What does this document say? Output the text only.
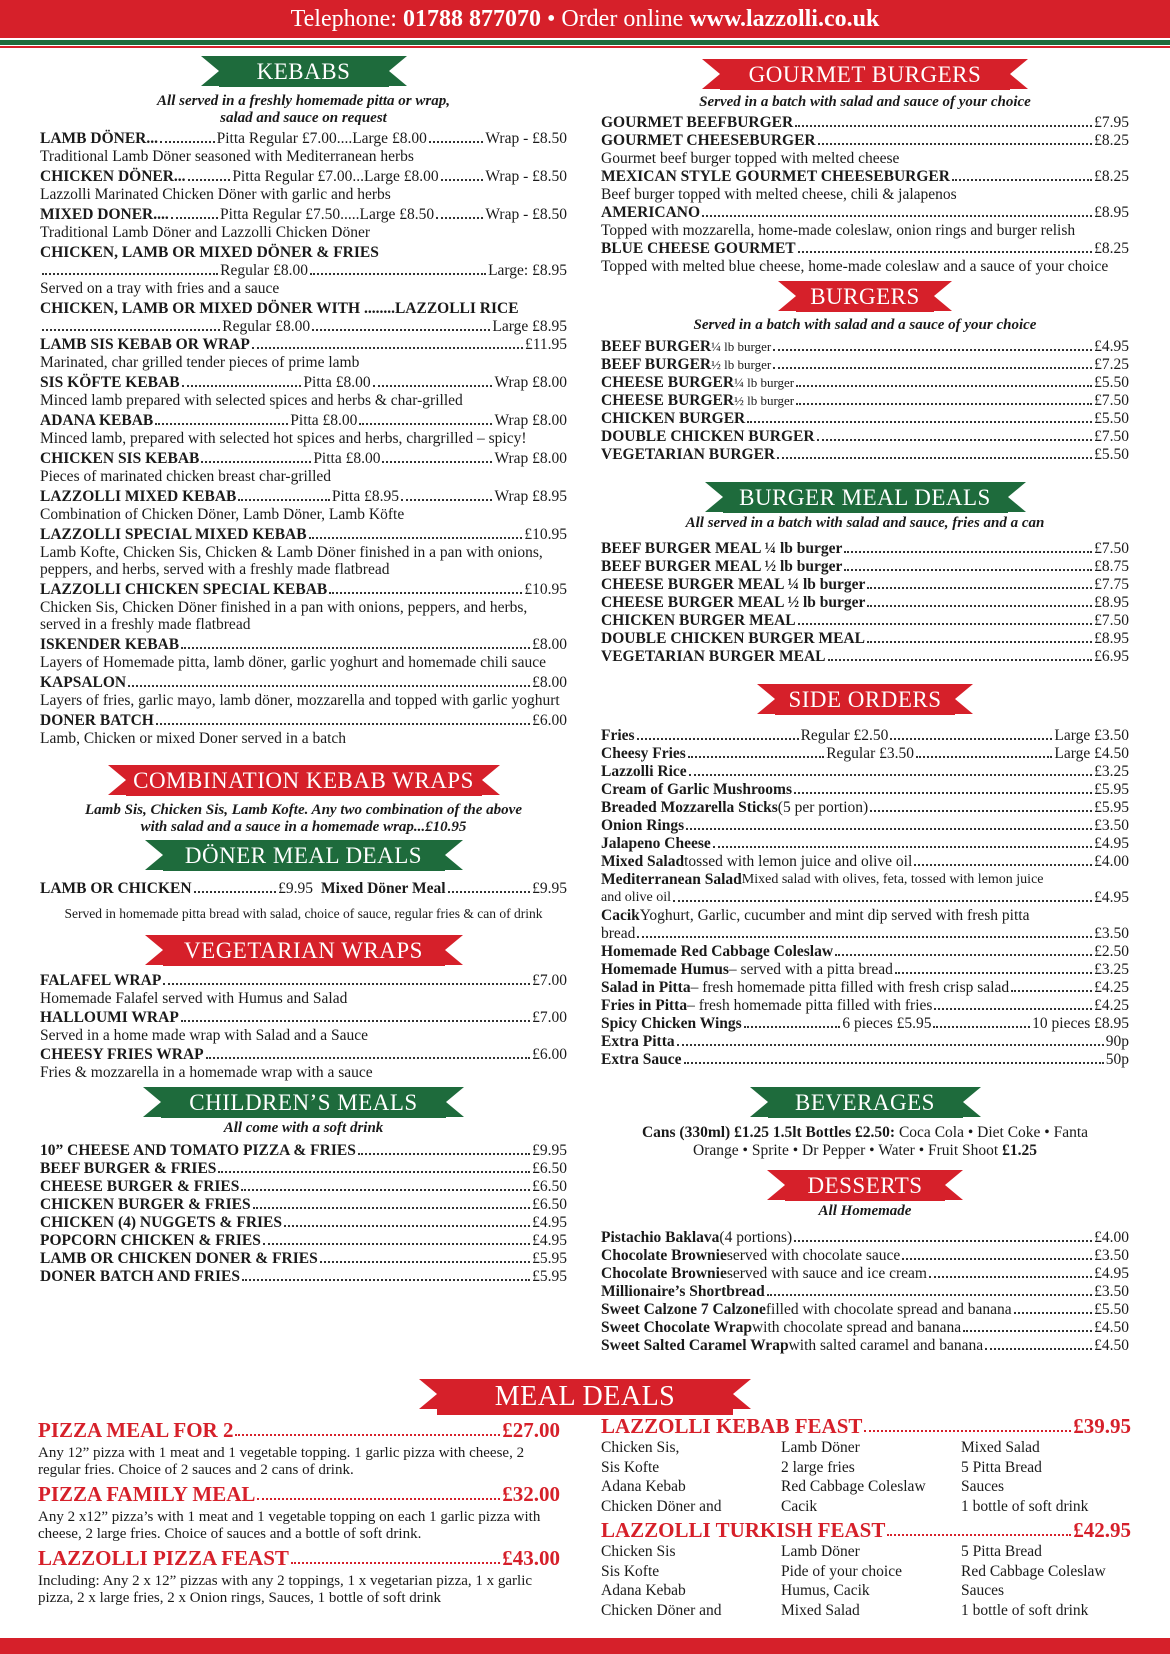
Telephone: 01788 877070 • Order online www.lazzolli.co.uk
KEBABS
All served in a freshly homemade pitta or wrap,
salad and sauce on request
LAMB DÖNER...	Pitta Regular £7.00....Large £8.00	Wrap - £8.50
Traditional Lamb Döner seasoned with Mediterranean herbs
CHICKEN DÖNER...	Pitta Regular £7.00...Large £8.00	Wrap - £8.50
Lazzolli Marinated Chicken Döner with garlic and herbs
MIXED DONER....	Pitta Regular £7.50.....Large £8.50	Wrap - £8.50
Traditional Lamb Döner and Lazzolli Chicken Döner
CHICKEN, LAMB OR MIXED DÖNER & FRIES
Regular £8.00	Large: £8.95
Served on a tray with fries and a sauce
CHICKEN, LAMB OR MIXED DÖNER WITH ........LAZZOLLI RICE
Regular £8.00	Large £8.95
LAMB SIS KEBAB OR WRAP	£11.95
Marinated, char grilled tender pieces of prime lamb
SIS KÖFTE KEBAB	Pitta £8.00	Wrap £8.00
Minced lamb prepared with selected spices and herbs & char-grilled
ADANA KEBAB	Pitta £8.00	Wrap £8.00
Minced lamb, prepared with selected hot spices and herbs, chargrilled – spicy!
CHICKEN SIS KEBAB	Pitta £8.00	Wrap £8.00
Pieces of marinated chicken breast char-grilled
LAZZOLLI MIXED KEBAB	Pitta £8.95	Wrap £8.95
Combination of Chicken Döner, Lamb Döner, Lamb Köfte
LAZZOLLI SPECIAL MIXED KEBAB	£10.95
Lamb Kofte, Chicken Sis, Chicken & Lamb Döner finished in a pan with onions, peppers, and herbs, served with a freshly made flatbread
LAZZOLLI CHICKEN SPECIAL KEBAB	£10.95
Chicken Sis, Chicken Döner finished in a pan with onions, peppers, and herbs, served in a freshly made flatbread
ISKENDER KEBAB	£8.00
Layers of Homemade pitta, lamb döner, garlic yoghurt and homemade chili sauce
KAPSALON	£8.00
Layers of fries, garlic mayo, lamb döner, mozzarella and topped with garlic yoghurt
DONER BATCH	£6.00
Lamb, Chicken or mixed Doner served in a batch
COMBINATION KEBAB WRAPS
Lamb Sis, Chicken Sis, Lamb Kofte. Any two combination of the above
with salad and a sauce in a homemade wrap...£10.95
DÖNER MEAL DEALS
LAMB OR CHICKEN	£9.95 Mixed Döner Meal	£9.95
Served in homemade pitta bread with salad, choice of sauce, regular fries & can of drink
VEGETARIAN WRAPS
FALAFEL WRAP	£7.00
Homemade Falafel served with Humus and Salad
HALLOUMI WRAP	£7.00
Served in a home made wrap with Salad and a Sauce
CHEESY FRIES WRAP	£6.00
Fries & mozzarella in a homemade wrap with a sauce
CHILDREN’S MEALS
All come with a soft drink
10” CHEESE AND TOMATO PIZZA & FRIES	£9.95
BEEF BURGER & FRIES	£6.50
CHEESE BURGER & FRIES	£6.50
CHICKEN BURGER & FRIES	£6.50
CHICKEN (4) NUGGETS & FRIES	£4.95
POPCORN CHICKEN & FRIES	£4.95
LAMB OR CHICKEN DONER & FRIES	£5.95
DONER BATCH AND FRIES	£5.95
GOURMET BURGERS
Served in a batch with salad and sauce of your choice
GOURMET BEEFBURGER	£7.95
GOURMET CHEESEBURGER	£8.25
Gourmet beef burger topped with melted cheese
MEXICAN STYLE GOURMET CHEESEBURGER	£8.25
Beef burger topped with melted cheese, chili & jalapenos
AMERICANO	£8.95
Topped with mozzarella, home-made coleslaw, onion rings and burger relish
BLUE CHEESE GOURMET	£8.25
Topped with melted blue cheese, home-made coleslaw and a sauce of your choice
BURGERS
Served in a batch with salad and a sauce of your choice
BEEF BURGER ¼ lb burger	£4.95
BEEF BURGER ½ lb burger	£7.25
CHEESE BURGER ¼ lb burger	£5.50
CHEESE BURGER ½ lb burger	£7.50
CHICKEN BURGER	£5.50
DOUBLE CHICKEN BURGER	£7.50
VEGETARIAN BURGER	£5.50
BURGER MEAL DEALS
All served in a batch with salad and sauce, fries and a can
BEEF BURGER MEAL ¼ lb burger	£7.50
BEEF BURGER MEAL ½ lb burger	£8.75
CHEESE BURGER MEAL ¼ lb burger	£7.75
CHEESE BURGER MEAL ½ lb burger	£8.95
CHICKEN BURGER MEAL	£7.50
DOUBLE CHICKEN BURGER MEAL	£8.95
VEGETARIAN BURGER MEAL	£6.95
SIDE ORDERS
Fries	Regular £2.50	Large £3.50
Cheesy Fries	Regular £3.50	Large £4.50
Lazzolli Rice	£3.25
Cream of Garlic Mushrooms	£5.95
Breaded Mozzarella Sticks (5 per portion)	£5.95
Onion Rings	£3.50
Jalapeno Cheese	£4.95
Mixed Salad tossed with lemon juice and olive oil	£4.00
Mediterranean Salad Mixed salad with olives, feta, tossed with lemon juice
and olive oil	£4.95
Cacik Yoghurt, Garlic, cucumber and mint dip served with fresh pitta
bread	£3.50
Homemade Red Cabbage Coleslaw	£2.50
Homemade Humus – served with a pitta bread	£3.25
Salad in Pitta – fresh homemade pitta filled with fresh crisp salad	£4.25
Fries in Pitta – fresh homemade pitta filled with fries	£4.25
Spicy Chicken Wings	6 pieces £5.95	10 pieces £8.95
Extra Pitta	90p
Extra Sauce	50p
BEVERAGES
Cans (330ml) £1.25 1.5lt Bottles £2.50: Coca Cola • Diet Coke • Fanta
Orange • Sprite • Dr Pepper • Water • Fruit Shoot £1.25
DESSERTS
All Homemade
Pistachio Baklava (4 portions)	£4.00
Chocolate Brownie served with chocolate sauce	£3.50
Chocolate Brownie served with sauce and ice cream	£4.95
Millionaire’s Shortbread	£3.50
Sweet Calzone 7 Calzone filled with chocolate spread and banana	£5.50
Sweet Chocolate Wrap with chocolate spread and banana	£4.50
Sweet Salted Caramel Wrap with salted caramel and banana	£4.50
MEAL DEALS
PIZZA MEAL FOR 2	£27.00
Any 12” pizza with 1 meat and 1 vegetable topping. 1 garlic pizza with cheese, 2 regular fries. Choice of 2 sauces and 2 cans of drink.
PIZZA FAMILY MEAL	£32.00
Any 2 x12” pizza’s with 1 meat and 1 vegetable topping on each 1 garlic pizza with cheese, 2 large fries. Choice of sauces and a bottle of soft drink.
LAZZOLLI PIZZA FEAST	£43.00
Including: Any 2 x 12” pizzas with any 2 toppings, 1 x vegetarian pizza, 1 x garlic pizza, 2 x large fries, 2 x Onion rings, Sauces, 1 bottle of soft drink
LAZZOLLI KEBAB FEAST	£39.95
Chicken Sis,	Lamb Döner	Mixed Salad
Sis Kofte	2 large fries	5 Pitta Bread
Adana Kebab	Red Cabbage Coleslaw	Sauces
Chicken Döner and	Cacik	1 bottle of soft drink
LAZZOLLI TURKISH FEAST	£42.95
Chicken Sis	Lamb Döner	5 Pitta Bread
Sis Kofte	Pide of your choice	Red Cabbage Coleslaw
Adana Kebab	Humus, Cacik	Sauces
Chicken Döner and	Mixed Salad	1 bottle of soft drink
